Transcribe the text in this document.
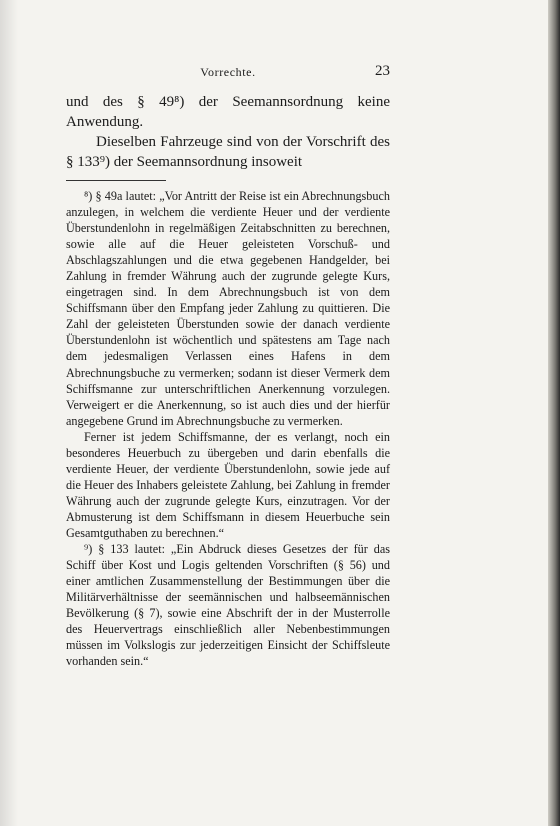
Vorrechte.	23

und des § 49⁸) der Seemannsordnung keine Anwendung.

Dieselben Fahrzeuge sind von der Vorschrift des § 133⁹) der Seemannsordnung insoweit

⁸) § 49a lautet: „Vor Antritt der Reise ist ein Abrechnungsbuch anzulegen, in welchem die verdiente Heuer und der verdiente Überstundenlohn in regelmäßigen Zeitabschnitten zu berechnen, sowie alle auf die Heuer geleisteten Vorschuß- und Abschlagszahlungen und die etwa gegebenen Handgelder, bei Zahlung in fremder Währung auch der zugrunde gelegte Kurs, eingetragen sind. In dem Abrechnungsbuch ist von dem Schiffsmann über den Empfang jeder Zahlung zu quittieren. Die Zahl der geleisteten Überstunden sowie der danach verdiente Überstundenlohn ist wöchentlich und spätestens am Tage nach dem jedesmaligen Verlassen eines Hafens in dem Abrechnungsbuche zu vermerken; sodann ist dieser Vermerk dem Schiffsmanne zur unterschriftlichen Anerkennung vorzulegen. Verweigert er die Anerkennung, so ist auch dies und der hierfür angegebene Grund im Abrechnungsbuche zu vermerken.

Ferner ist jedem Schiffsmanne, der es verlangt, noch ein besonderes Heuerbuch zu übergeben und darin ebenfalls die verdiente Heuer, der verdiente Überstundenlohn, sowie jede auf die Heuer des Inhabers geleistete Zahlung, bei Zahlung in fremder Währung auch der zugrunde gelegte Kurs, einzutragen. Vor der Abmusterung ist dem Schiffsmann in diesem Heuerbuche sein Gesamtguthaben zu berechnen.“

⁹) § 133 lautet: „Ein Abdruck dieses Gesetzes der für das Schiff über Kost und Logis geltenden Vorschriften (§ 56) und einer amtlichen Zusammenstellung der Bestimmungen über die Militärverhältnisse der seemännischen und halbseemännischen Bevölkerung (§ 7), sowie eine Abschrift der in der Musterrolle des Heuervertrags einschließlich aller Nebenbestimmungen müssen im Volkslogis zur jederzeitigen Einsicht der Schiffsleute vorhanden sein.“
